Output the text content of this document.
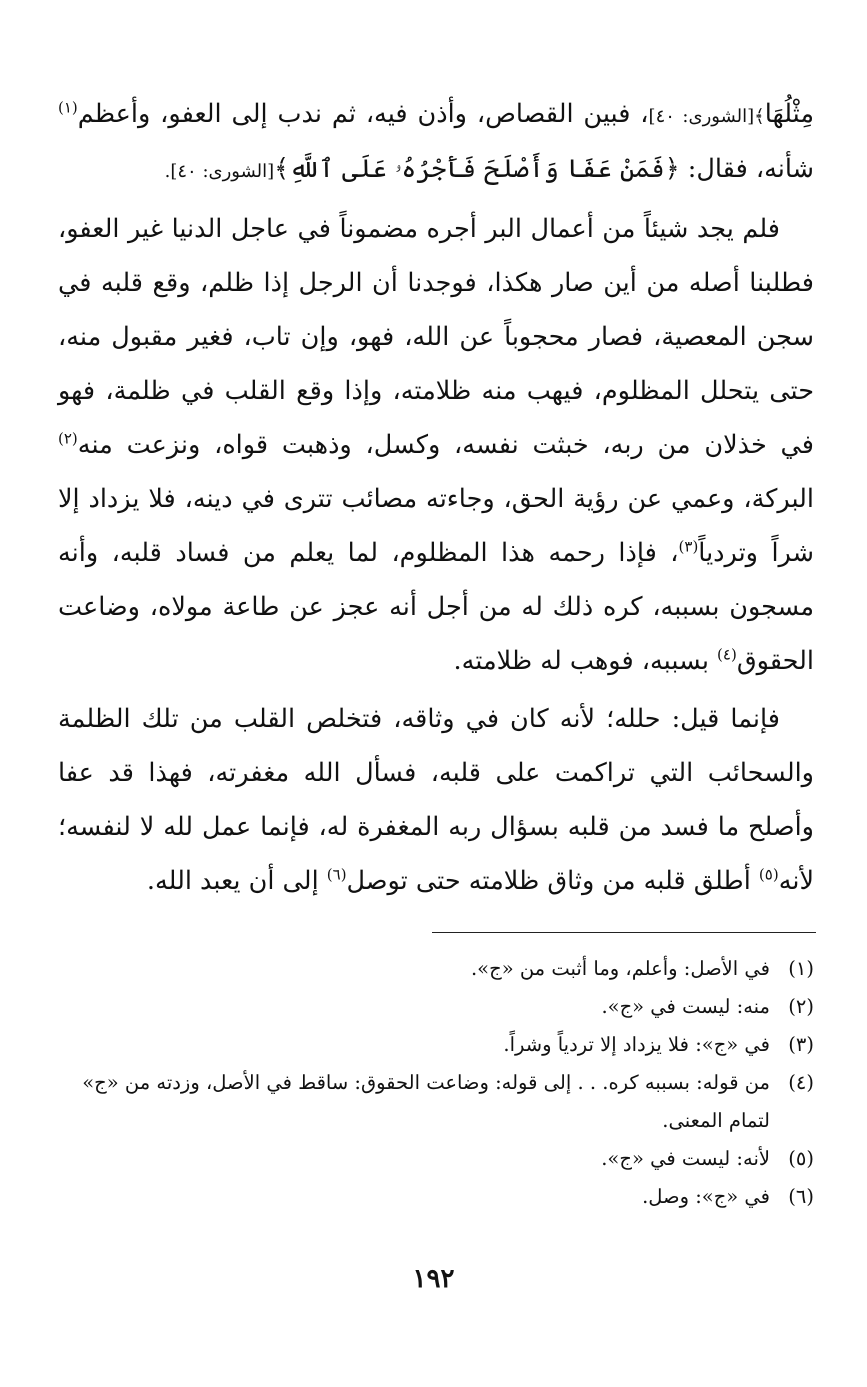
مِثْلُهَا﴾[الشورى: ٤٠]، فبين القصاص، وأذن فيه، ثم ندب إلى العفو، وأعظم$^{(١)}$ شأنه، فقال: ﴿فَمَنْ عَفَا وَأَصْلَحَ فَأَجْرُهُۥ عَلَى ٱللَّهِ﴾[الشورى: ٤٠].

فلم يجد شيئاً من أعمال البر أجره مضموناً في عاجل الدنيا غير العفو، فطلبنا أصله من أين صار هكذا، فوجدنا أن الرجل إذا ظلم، وقع قلبه في سجن المعصية، فصار محجوباً عن الله، فهو، وإن تاب، فغير مقبول منه، حتى يتحلل المظلوم، فيهب منه ظلامته، وإذا وقع القلب في ظلمة، فهو في خذلان من ربه، خبثت نفسه، وكسل، وذهبت قواه، ونزعت منه$^{(٢)}$ البركة، وعمي عن رؤية الحق، وجاءته مصائب تترى في دينه، فلا يزداد إلا شراً وتردياً$^{(٣)}$، فإذا رحمه هذا المظلوم، لما يعلم من فساد قلبه، وأنه مسجون بسببه، كره ذلك له من أجل أنه عجز عن طاعة مولاه، وضاعت الحقوق$^{(٤)}$ بسببه، فوهب له ظلامته.

فإنما قيل: حلله؛ لأنه كان في وثاقه، فتخلص القلب من تلك الظلمة والسحائب التي تراكمت على قلبه، فسأل الله مغفرته، فهذا قد عفا وأصلح ما فسد من قلبه بسؤال ربه المغفرة له، فإنما عمل لله لا لنفسه؛ لأنه$^{(٥)}$ أطلق قلبه من وثاق ظلامته حتى توصل$^{(٦)}$ إلى أن يعبد الله.

(١)
في الأصل: وأعلم، وما أثبت من «ج».
(٢)
منه: ليست في «ج».
(٣)
في «ج»: فلا يزداد إلا تردياً وشراً.
(٤)
من قوله: بسببه كره. . . إلى قوله: وضاعت الحقوق: ساقط في الأصل، وزدته من «ج» لتمام المعنى.
(٥)
لأنه: ليست في «ج».
(٦)
في «ج»: وصل.
١٩٢
